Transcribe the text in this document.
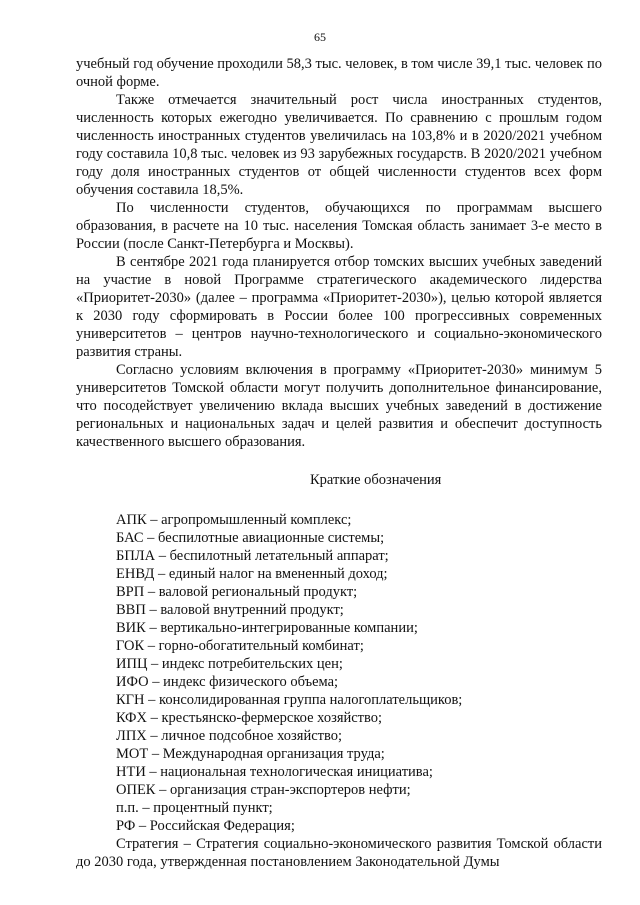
65

учебный год обучение проходили 58,3 тыс. человек, в том числе 39,1 тыс. человек по очной форме.

Также отмечается значительный рост числа иностранных студентов, численность которых ежегодно увеличивается. По сравнению с прошлым годом численность иностранных студентов увеличилась на 103,8% и в 2020/2021 учебном году составила 10,8 тыс. человек из 93 зарубежных государств. В 2020/2021 учебном году доля иностранных студентов от общей численности студентов всех форм обучения составила 18,5%.

По численности студентов, обучающихся по программам высшего образования, в расчете на 10 тыс. населения Томская область занимает 3-е место в России (после Санкт-Петербурга и Москвы).

В сентябре 2021 года планируется отбор томских высших учебных заведений на участие в новой Программе стратегического академического лидерства «Приоритет-2030» (далее – программа «Приоритет-2030»), целью которой является к 2030 году сформировать в России более 100 прогрессивных современных университетов – центров научно-технологического и социально-экономического развития страны.

Согласно условиям включения в программу «Приоритет-2030» минимум 5 университетов Томской области могут получить дополнительное финансирование, что посодействует увеличению вклада высших учебных заведений в достижение региональных и национальных задач и целей развития и обеспечит доступность качественного высшего образования.

Краткие обозначения
АПК – агропромышленный комплекс;
БАС – беспилотные авиационные системы;
БПЛА – беспилотный летательный аппарат;
ЕНВД – единый налог на вмененный доход;
ВРП – валовой региональный продукт;
ВВП – валовой внутренний продукт;
ВИК – вертикально-интегрированные компании;
ГОК – горно-обогатительный комбинат;
ИПЦ – индекс потребительских цен;
ИФО – индекс физического объема;
КГН – консолидированная группа налогоплательщиков;
КФХ – крестьянско-фермерское хозяйство;
ЛПХ – личное подсобное хозяйство;
МОТ – Международная организация труда;
НТИ – национальная технологическая инициатива;
ОПЕК – организация стран-экспортеров нефти;
п.п. – процентный пункт;
РФ – Российская Федерация;

Стратегия – Стратегия социально-экономического развития Томской области до 2030 года, утвержденная постановлением Законодательной Думы
